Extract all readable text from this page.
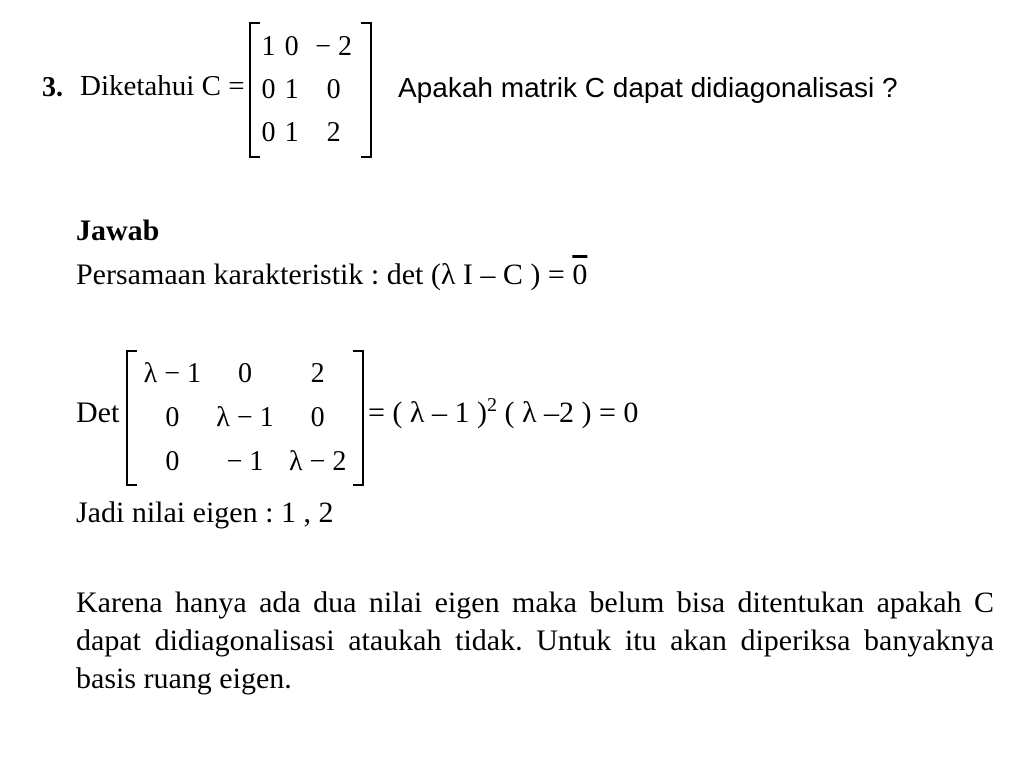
3. Diketahui C =
1	0	− 2
0	1	0
0	1	2
Apakah matrik C dapat didiagonalisasi ?
Jawab
Persamaan karakteristik : det (λ I – C ) = 0
Det
λ − 1	0	2
0	λ − 1	0
0	− 1	λ − 2
= ( λ – 1 )$^2$ ( λ –2 ) = 0
Jadi nilai eigen : 1 , 2
Karena hanya ada dua nilai eigen maka belum bisa ditentukan apakah C dapat didiagonalisasi ataukah tidak. Untuk itu akan diperiksa banyaknya basis ruang eigen.
